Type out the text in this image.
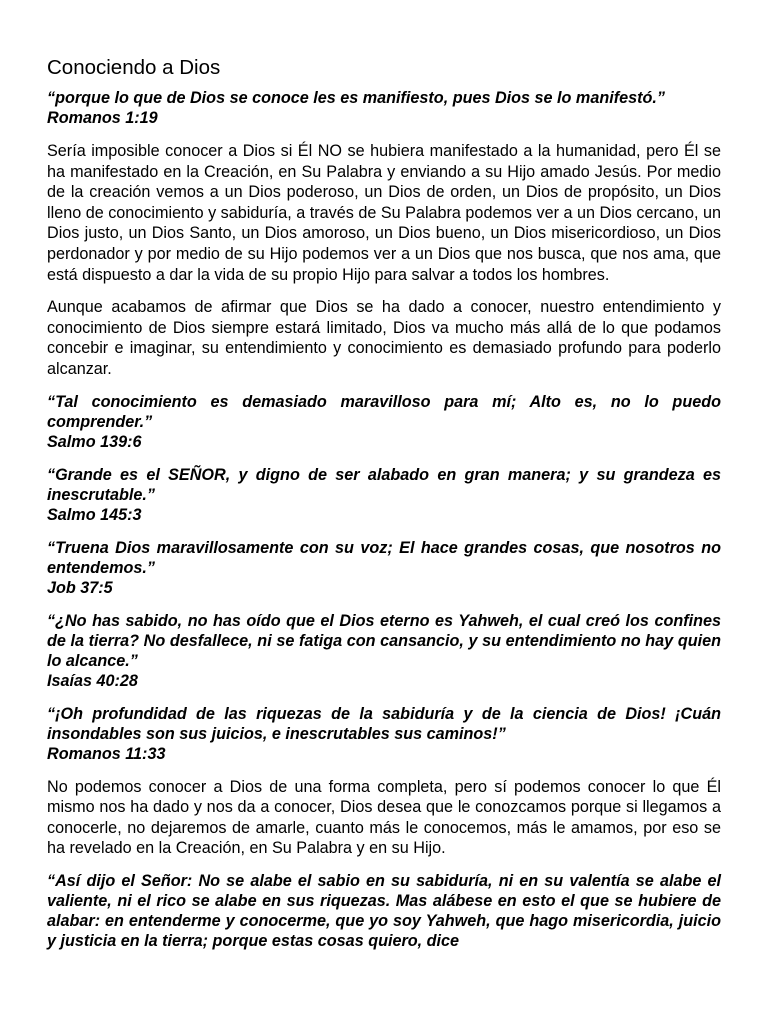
Conociendo a Dios
“porque lo que de Dios se conoce les es manifiesto, pues Dios se lo manifestó.”
Romanos 1:19

Sería imposible conocer a Dios si Él NO se hubiera manifestado a la humanidad, pero Él se ha manifestado en la Creación, en Su Palabra y enviando a su Hijo amado Jesús. Por medio de la creación vemos a un Dios poderoso, un Dios de orden, un Dios de propósito, un Dios lleno de conocimiento y sabiduría, a través de Su Palabra podemos ver a un Dios cercano, un Dios justo, un Dios Santo, un Dios amoroso, un Dios bueno, un Dios misericordioso, un Dios perdonador y por medio de su Hijo podemos ver a un Dios que nos busca, que nos ama, que está dispuesto a dar la vida de su propio Hijo para salvar a todos los hombres.

Aunque acabamos de afirmar que Dios se ha dado a conocer, nuestro entendimiento y conocimiento de Dios siempre estará limitado, Dios va mucho más allá de lo que podamos concebir e imaginar, su entendimiento y conocimiento es demasiado profundo para poderlo alcanzar.

“Tal conocimiento es demasiado maravilloso para mí; Alto es, no lo puedo comprender.”
Salmo 139:6
“Grande es el SEÑOR, y digno de ser alabado en gran manera; y su grandeza es inescrutable.”
Salmo 145:3
“Truena Dios maravillosamente con su voz; El hace grandes cosas, que nosotros no entendemos.”
Job 37:5
“¿No has sabido, no has oído que el Dios eterno es Yahweh, el cual creó los confines de la tierra? No desfallece, ni se fatiga con cansancio, y su entendimiento no hay quien lo alcance.”
Isaías 40:28
“¡Oh profundidad de las riquezas de la sabiduría y de la ciencia de Dios! ¡Cuán insondables son sus juicios, e inescrutables sus caminos!”
Romanos 11:33

No podemos conocer a Dios de una forma completa, pero sí podemos conocer lo que Él mismo nos ha dado y nos da a conocer, Dios desea que le conozcamos porque si llegamos a conocerle, no dejaremos de amarle, cuanto más le conocemos, más le amamos, por eso se ha revelado en la Creación, en Su Palabra y en su Hijo.

“Así dijo el Señor: No se alabe el sabio en su sabiduría, ni en su valentía se alabe el valiente, ni el rico se alabe en sus riquezas. Mas alábese en esto el que se hubiere de alabar: en entenderme y conocerme, que yo soy Yahweh, que hago misericordia, juicio y justicia en la tierra; porque estas cosas quiero, dice
